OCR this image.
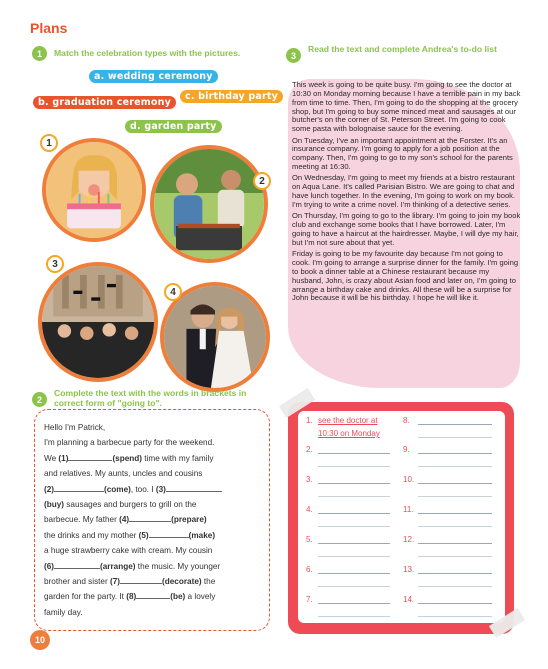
Plans
1	Match the celebration types with the pictures.
a. wedding ceremony
b. graduation ceremony
c. birthday party
d. garden party
1
2
3
4
2
Complete the text with the words in brackets in correct form of "going to".

Hello I'm Patrick,

I'm planning a barbecue party for the weekend.

We (1)	(spend) time with my family

and relatives. My aunts, uncles and cousins

(2)	(come), too. I (3)

(buy) sausages and burgers to grill on the

barbecue. My father (4)	(prepare)

the drinks and my mother (5)	(make)

a huge strawberry cake with cream. My cousin

(6)	(arrange) the music. My younger

brother and sister (7)	(decorate) the

garden for the party. It (8)	(be) a lovely

family day.

3
Read the text and complete Andrea's to-do list

This week is going to be quite busy. I'm going to see the doctor at 10:30 on Monday morning because I have a terrible pain in my back from time to time. Then, I'm going to do the shopping at the grocery shop, but I'm going to buy some minced meat and sausages at our butcher's on the corner of St. Peterson Street. I'm going to cook some pasta with bolognaise sauce for the evening.

On Tuesday, I've an important appointment at the Forster. It's an insurance company. I'm going to apply for a job position at the company. Then, I'm going to go to my son's school for the parents meeting at 16:30.

On Wednesday, I'm going to meet my friends at a bistro restaurant on Aqua Lane. It's called Parisian Bistro. We are going to chat and have lunch together. In the evening, I'm going to work on my book. I'm trying to write a crime novel. I'm thinking of a detective series.

On Thursday, I'm going to go to the library. I'm going to join my book club and exchange some books that I have borrowed. Later, I'm going to have a haircut at the hairdresser. Maybe, I will dye my hair, but I'm not sure about that yet.

Friday is going to be my favourite day because I'm not going to cook. I'm going to arrange a surprise dinner for the family. I'm going to book a dinner table at a Chinese restaurant because my husband, John, is crazy about Asian food and later on, I'm going to arrange a birthday cake and drinks. All these will be a surprise for John because it will be his birthday. I hope he will like it.

1. see the doctor at
10:30 on Monday
2.
3.
4.
5.
6.
7.
8.
9.
10.
11.
12.
13.
14.
10
